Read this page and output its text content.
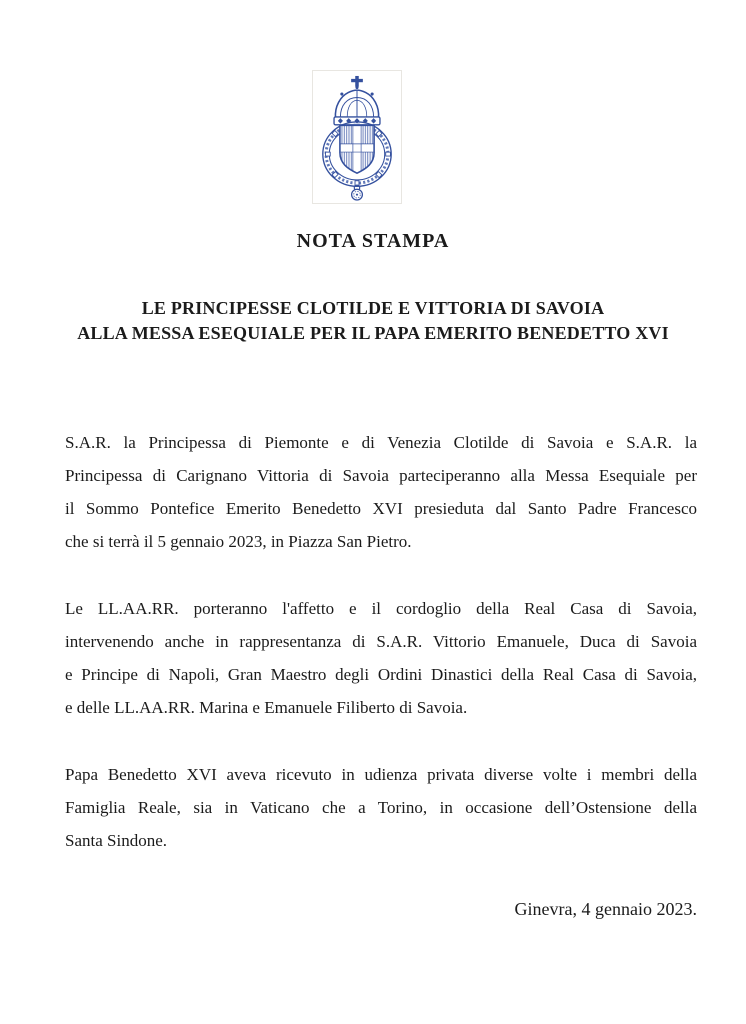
NOTA STAMPA
LE PRINCIPESSE CLOTILDE E VITTORIA DI SAVOIA
ALLA MESSA ESEQUIALE PER IL PAPA EMERITO BENEDETTO XVI

S.A.R. la Principessa di Piemonte e di Venezia Clotilde di Savoia e S.A.R. la
Principessa di Carignano Vittoria di Savoia parteciperanno alla Messa Esequiale per
il Sommo Pontefice Emerito Benedetto XVI presieduta dal Santo Padre Francesco
che si terrà il 5 gennaio 2023, in Piazza San Pietro.

Le LL.AA.RR. porteranno l'affetto e il cordoglio della Real Casa di Savoia,
intervenendo anche in rappresentanza di S.A.R. Vittorio Emanuele, Duca di Savoia
e Principe di Napoli, Gran Maestro degli Ordini Dinastici della Real Casa di Savoia,
e delle LL.AA.RR. Marina e Emanuele Filiberto di Savoia.

Papa Benedetto XVI aveva ricevuto in udienza privata diverse volte i membri della
Famiglia Reale, sia in Vaticano che a Torino, in occasione dell’Ostensione della
Santa Sindone.

Ginevra, 4 gennaio 2023.
